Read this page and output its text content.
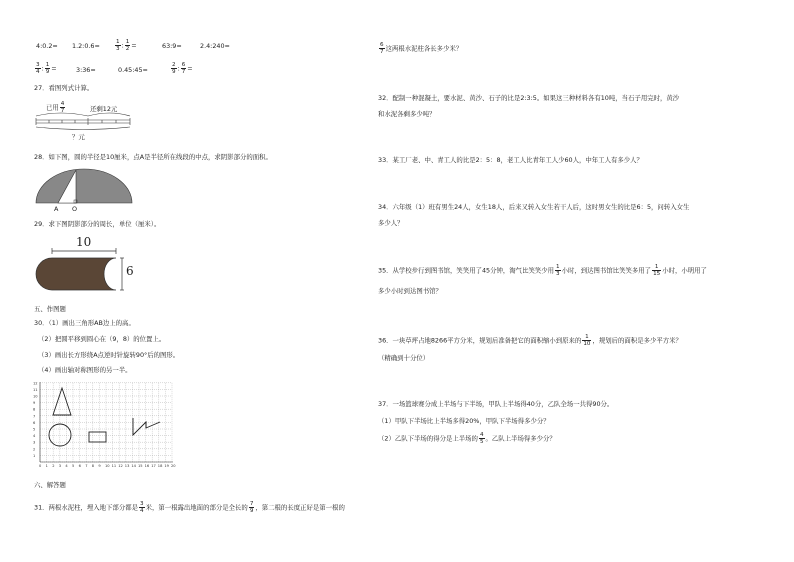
4:0.2= 1.2:0.6=	$\frac{1}{3}$ : $\frac{1}{2}$ =	63:9=	2.4:240=
$\frac{3}{4}$ : $\frac{1}{9}$ =	3:36=	0.45:45=	$\frac{2}{9}$ : $\frac{6}{7}$ =
27．看图列式计算。
已用 $\frac{4}{7}$	还剩12元
？元
28．如下图，圆的半径是10厘米，点A是半径所在线段的中点，求阴影部分的面积。
A O
29．求下图阴影部分的周长，单位（厘米）。
10
6
五、作图题
30．（1）画出三角形AB边上的高。
（2）把圆平移到圆心在（9，8）的位置上。
（3）画出长方形绕A点逆时针旋转90°后的图形。
（4）画出轴对称图形的另一半。
0 1 2 3 4 5 6 7 8 9 10 11 12 13 14 15 16 17 18 19 20
12
11
10
9
8
7
6
5
4
3
2
1
六、解答题
31．两根水泥柱，埋入地下部分都是 $\frac{3}{4}$ 米，第一根露出地面的部分是全长的 $\frac{7}{9}$ ，第二根的长度正好是第一根的
$\frac{6}{7}$ 这两根水泥柱各长多少米？
32．配制一种混凝土，要水泥、黄沙、石子的比是2:3:5。如果这三种材料各有10吨，当石子用完时，黄沙
和水泥各剩多少吨？
33．某工厂老、中、青工人的比是2：5：8，老工人比青年工人少60人，中年工人有多少人？
34．六年级（1）班有男生24人，女生18人，后来又转入女生若干人后，这时男女生的比是6：5，问转入女生
多少人？
35．从学校步行到图书馆，笑笑用了45分钟，淘气比笑笑少用 $\frac{1}{3}$ 小时，到达图书馆比笑笑多用了 $\frac{1}{15}$ 小时，小明用了
多少小时到达图书馆？
36．一块草坪占地8266平方分米，规划后准备把它的面积缩小到原来的 $\frac{1}{10}$ ，规划后的面积是多少平方米？
（精确到十分位）
37．一场篮球赛分成上半场与下半场，甲队上半场得40分，乙队全场一共得90分。
（1）甲队下半场比上半场多得20%，甲队下半场得多少分？
（2）乙队下半场的得分是上半场的 $\frac{4}{5}$ 。乙队上半场得多少分？
